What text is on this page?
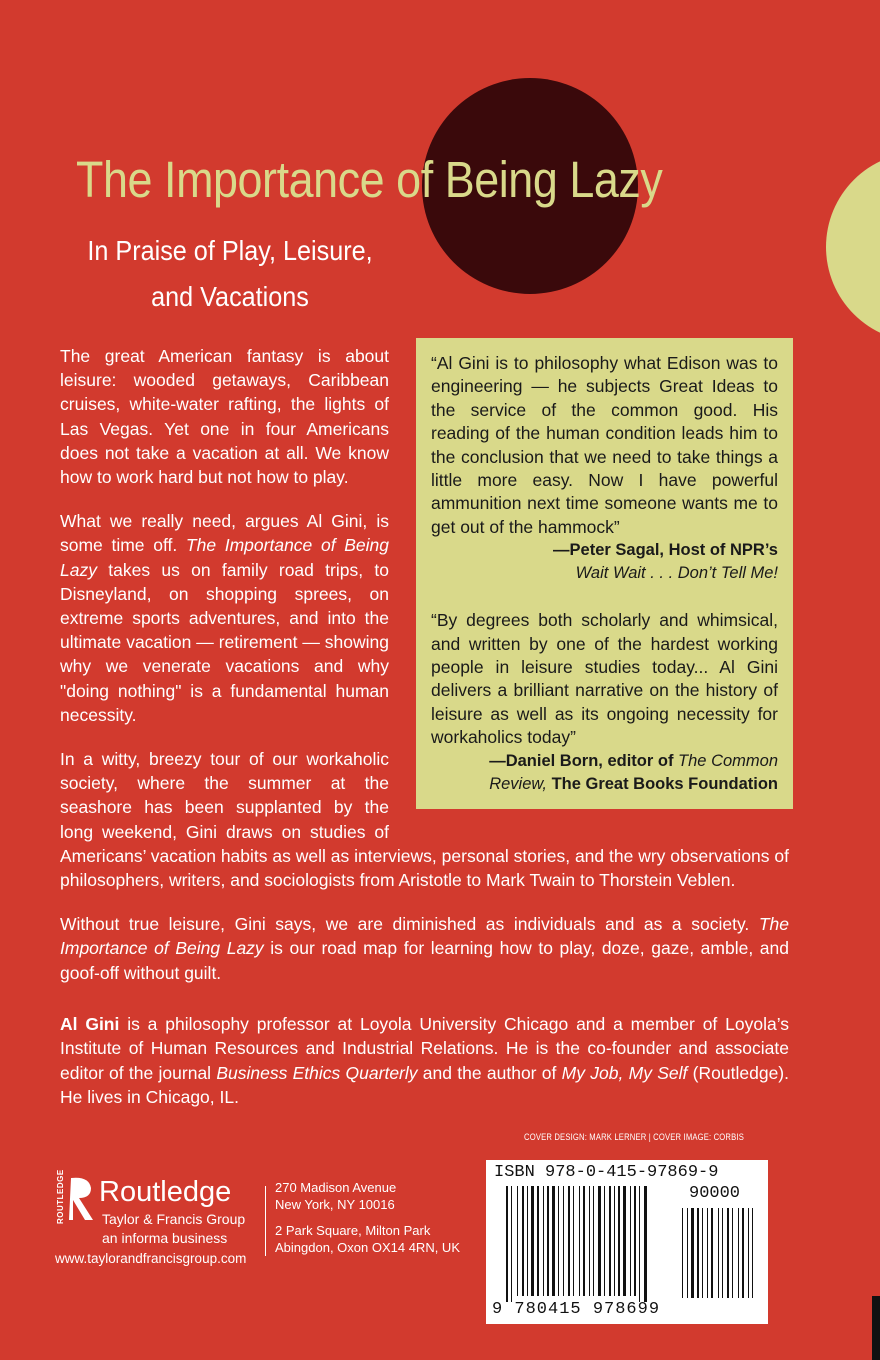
The Importance of Being Lazy
In Praise of Play, Leisure,
and Vacations

The great American fantasy is about leisure: wooded getaways, Caribbean cruises, white-water rafting, the lights of Las Vegas. Yet one in four Americans does not take a vacation at all. We know how to work hard but not how to play.

What we really need, argues Al Gini, is some time off. The Importance of Being Lazy takes us on family road trips, to Disneyland, on shopping sprees, on extreme sports adventures, and into the ultimate vacation — retirement — showing why we venerate vacations and why "doing nothing" is a fundamental human necessity.

In a witty, breezy tour of our workaholic society, where the summer at the seashore has been supplanted by the long weekend, Gini draws on studies of Americans’ vacation habits as well as interviews, personal stories, and the wry observations of philosophers, writers, and sociologists from Aristotle to Mark Twain to Thorstein Veblen.

Without true leisure, Gini says, we are diminished as individuals and as a society. The Importance of Being Lazy is our road map for learning how to play, doze, gaze, amble, and goof-off without guilt.

“Al Gini is to philosophy what Edison was to engineering — he subjects Great Ideas to the service of the common good. His reading of the human condition leads him to the conclusion that we need to take things a little more easy. Now I have powerful ammunition next time someone wants me to get out of the hammock”

—Peter Sagal, Host of NPR’s
Wait Wait . . . Don’t Tell Me!

“By degrees both scholarly and whimsical, and written by one of the hardest working people in leisure studies today... Al Gini delivers a brilliant narrative on the history of leisure as well as its ongoing necessity for workaholics today”

—Daniel Born, editor of The Common
Review, The Great Books Foundation
Al Gini is a philosophy professor at Loyola University Chicago and a member of Loyola’s Institute of Human Resources and Industrial Relations. He is the co-founder and associate editor of the journal Business Ethics Quarterly and the author of My Job, My Self (Routledge). He lives in Chicago, IL.
COVER DESIGN: MARK LERNER | COVER IMAGE: CORBIS
ROUTLEDGE Routledge
Taylor & Francis Group
an informa business
www.taylorandfrancisgroup.com
270 Madison Avenue
New York, NY 10016
2 Park Square, Milton Park
Abingdon, Oxon OX14 4RN, UK
ISBN 978-0-415-97869-9
90000
9 780415 978699
